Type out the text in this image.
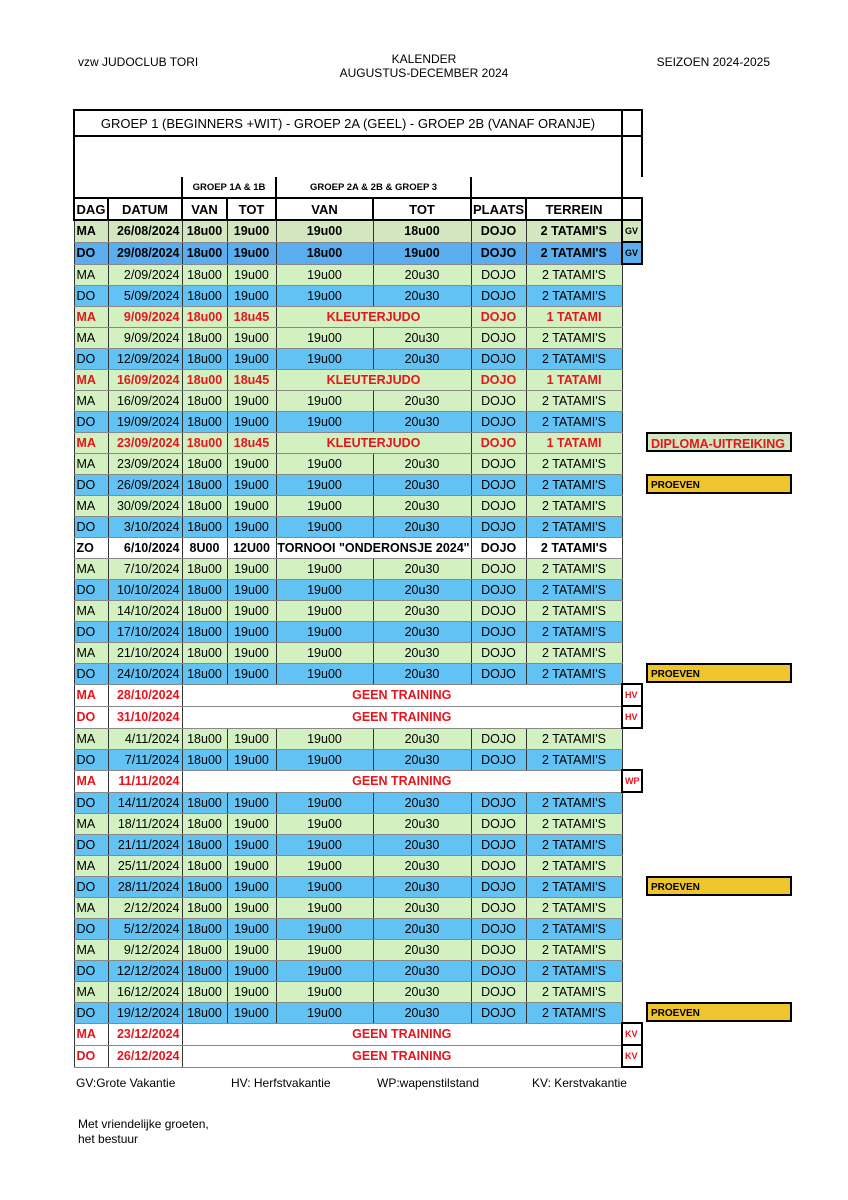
vzw JUDOCLUB TORI	KALENDER
AUGUSTUS-DECEMBER 2024
SEIZOEN 2024-2025
GROEP 1 (BEGINNERS +WIT) - GROEP 2A (GEEL) - GROEP 2B (VANAF ORANJE)								

		GROEP 1A & 1B		GROEP 2A & 2B & GROEP 3				
DAG	DATUM	VAN	TOT	VAN	TOT	PLAATS	TERREIN	
MA	26/08/2024	18u00	19u00	19u00	18u00	DOJO	2 TATAMI'S	GV
DO	29/08/2024	18u00	19u00	18u00	19u00	DOJO	2 TATAMI'S	GV
MA	2/09/2024	18u00	19u00	19u00	20u30	DOJO	2 TATAMI'S	
DO	5/09/2024	18u00	19u00	19u00	20u30	DOJO	2 TATAMI'S	
MA	9/09/2024	18u00	18u45	KLEUTERJUDO		DOJO	1 TATAMI	
MA	9/09/2024	18u00	19u00	19u00	20u30	DOJO	2 TATAMI'S	
DO	12/09/2024	18u00	19u00	19u00	20u30	DOJO	2 TATAMI'S	
MA	16/09/2024	18u00	18u45	KLEUTERJUDO		DOJO	1 TATAMI	
MA	16/09/2024	18u00	19u00	19u00	20u30	DOJO	2 TATAMI'S	
DO	19/09/2024	18u00	19u00	19u00	20u30	DOJO	2 TATAMI'S	
MA	23/09/2024	18u00	18u45	KLEUTERJUDO		DOJO	1 TATAMI	
MA	23/09/2024	18u00	19u00	19u00	20u30	DOJO	2 TATAMI'S	
DO	26/09/2024	18u00	19u00	19u00	20u30	DOJO	2 TATAMI'S	
MA	30/09/2024	18u00	19u00	19u00	20u30	DOJO	2 TATAMI'S	
DO	3/10/2024	18u00	19u00	19u00	20u30	DOJO	2 TATAMI'S	
ZO	6/10/2024	8U00	12U00	TORNOOI "ONDERONSJE 2024"		DOJO	2 TATAMI'S	
MA	7/10/2024	18u00	19u00	19u00	20u30	DOJO	2 TATAMI'S	
DO	10/10/2024	18u00	19u00	19u00	20u30	DOJO	2 TATAMI'S	
MA	14/10/2024	18u00	19u00	19u00	20u30	DOJO	2 TATAMI'S	
DO	17/10/2024	18u00	19u00	19u00	20u30	DOJO	2 TATAMI'S	
MA	21/10/2024	18u00	19u00	19u00	20u30	DOJO	2 TATAMI'S	
DO	24/10/2024	18u00	19u00	19u00	20u30	DOJO	2 TATAMI'S	
MA	28/10/2024	GEEN TRAINING						HV
DO	31/10/2024	GEEN TRAINING						HV
MA	4/11/2024	18u00	19u00	19u00	20u30	DOJO	2 TATAMI'S	
DO	7/11/2024	18u00	19u00	19u00	20u30	DOJO	2 TATAMI'S	
MA	11/11/2024	GEEN TRAINING						WP
DO	14/11/2024	18u00	19u00	19u00	20u30	DOJO	2 TATAMI'S	
MA	18/11/2024	18u00	19u00	19u00	20u30	DOJO	2 TATAMI'S	
DO	21/11/2024	18u00	19u00	19u00	20u30	DOJO	2 TATAMI'S	
MA	25/11/2024	18u00	19u00	19u00	20u30	DOJO	2 TATAMI'S	
DO	28/11/2024	18u00	19u00	19u00	20u30	DOJO	2 TATAMI'S	
MA	2/12/2024	18u00	19u00	19u00	20u30	DOJO	2 TATAMI'S	
DO	5/12/2024	18u00	19u00	19u00	20u30	DOJO	2 TATAMI'S	
MA	9/12/2024	18u00	19u00	19u00	20u30	DOJO	2 TATAMI'S	
DO	12/12/2024	18u00	19u00	19u00	20u30	DOJO	2 TATAMI'S	
MA	16/12/2024	18u00	19u00	19u00	20u30	DOJO	2 TATAMI'S	
DO	19/12/2024	18u00	19u00	19u00	20u30	DOJO	2 TATAMI'S	
MA	23/12/2024	GEEN TRAINING						KV
DO	26/12/2024	GEEN TRAINING						KV
DIPLOMA-UITREIKING
PROEVEN
PROEVEN
PROEVEN
PROEVEN
GV:Grote Vakantie	HV: Herfstvakantie	WP:wapenstilstand	KV: Kerstvakantie
Met vriendelijke groeten,
het bestuur
